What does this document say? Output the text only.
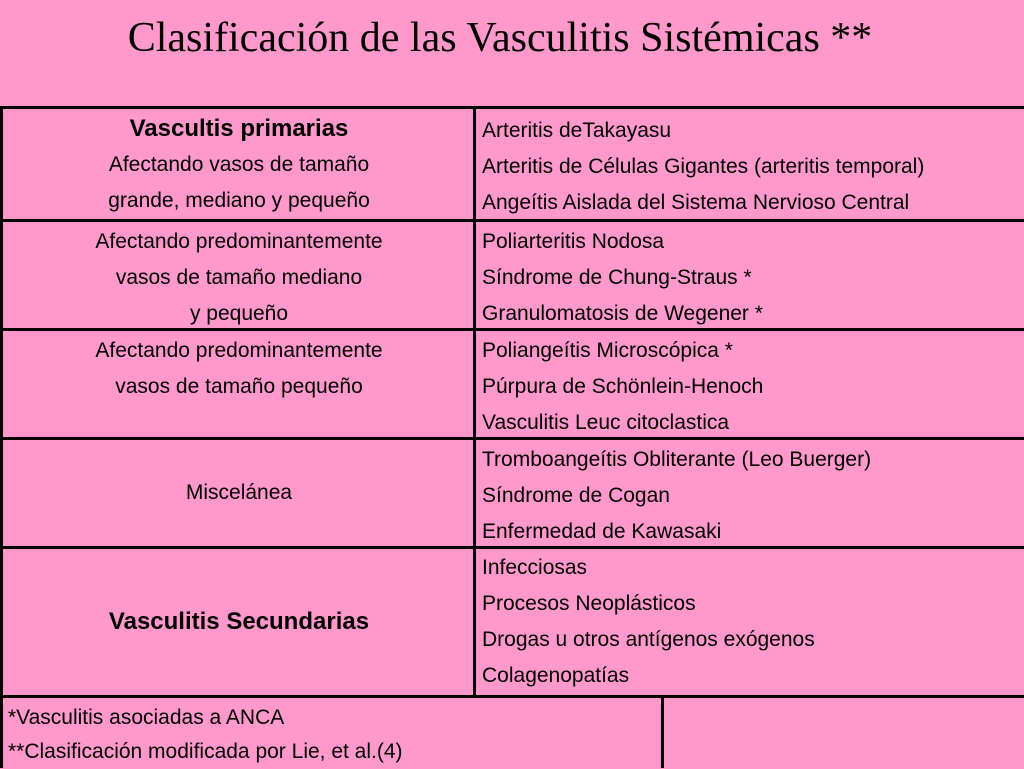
Clasificación de las Vasculitis Sistémicas **
Vascultis primarias
Afectando vasos de tamaño
grande, mediano y pequeño
Arteritis deTakayasu
Arteritis de Células Gigantes (arteritis temporal)
Angeítis Aislada del Sistema Nervioso Central
Afectando predominantemente
vasos de tamaño mediano
y pequeño
Poliarteritis Nodosa
Síndrome de Chung-Straus *
Granulomatosis de Wegener *
Afectando predominantemente
vasos de tamaño pequeño
Poliangeítis Microscópica *
Púrpura de Schönlein-Henoch
Vasculitis Leuc citoclastica
Miscelánea
Tromboangeítis Obliterante (Leo Buerger)
Síndrome de Cogan
Enfermedad de Kawasaki
Vasculitis Secundarias
Infecciosas
Procesos Neoplásticos
Drogas u otros antígenos exógenos
Colagenopatías
*Vasculitis asociadas a ANCA
**Clasificación modificada por Lie, et al.(4)
